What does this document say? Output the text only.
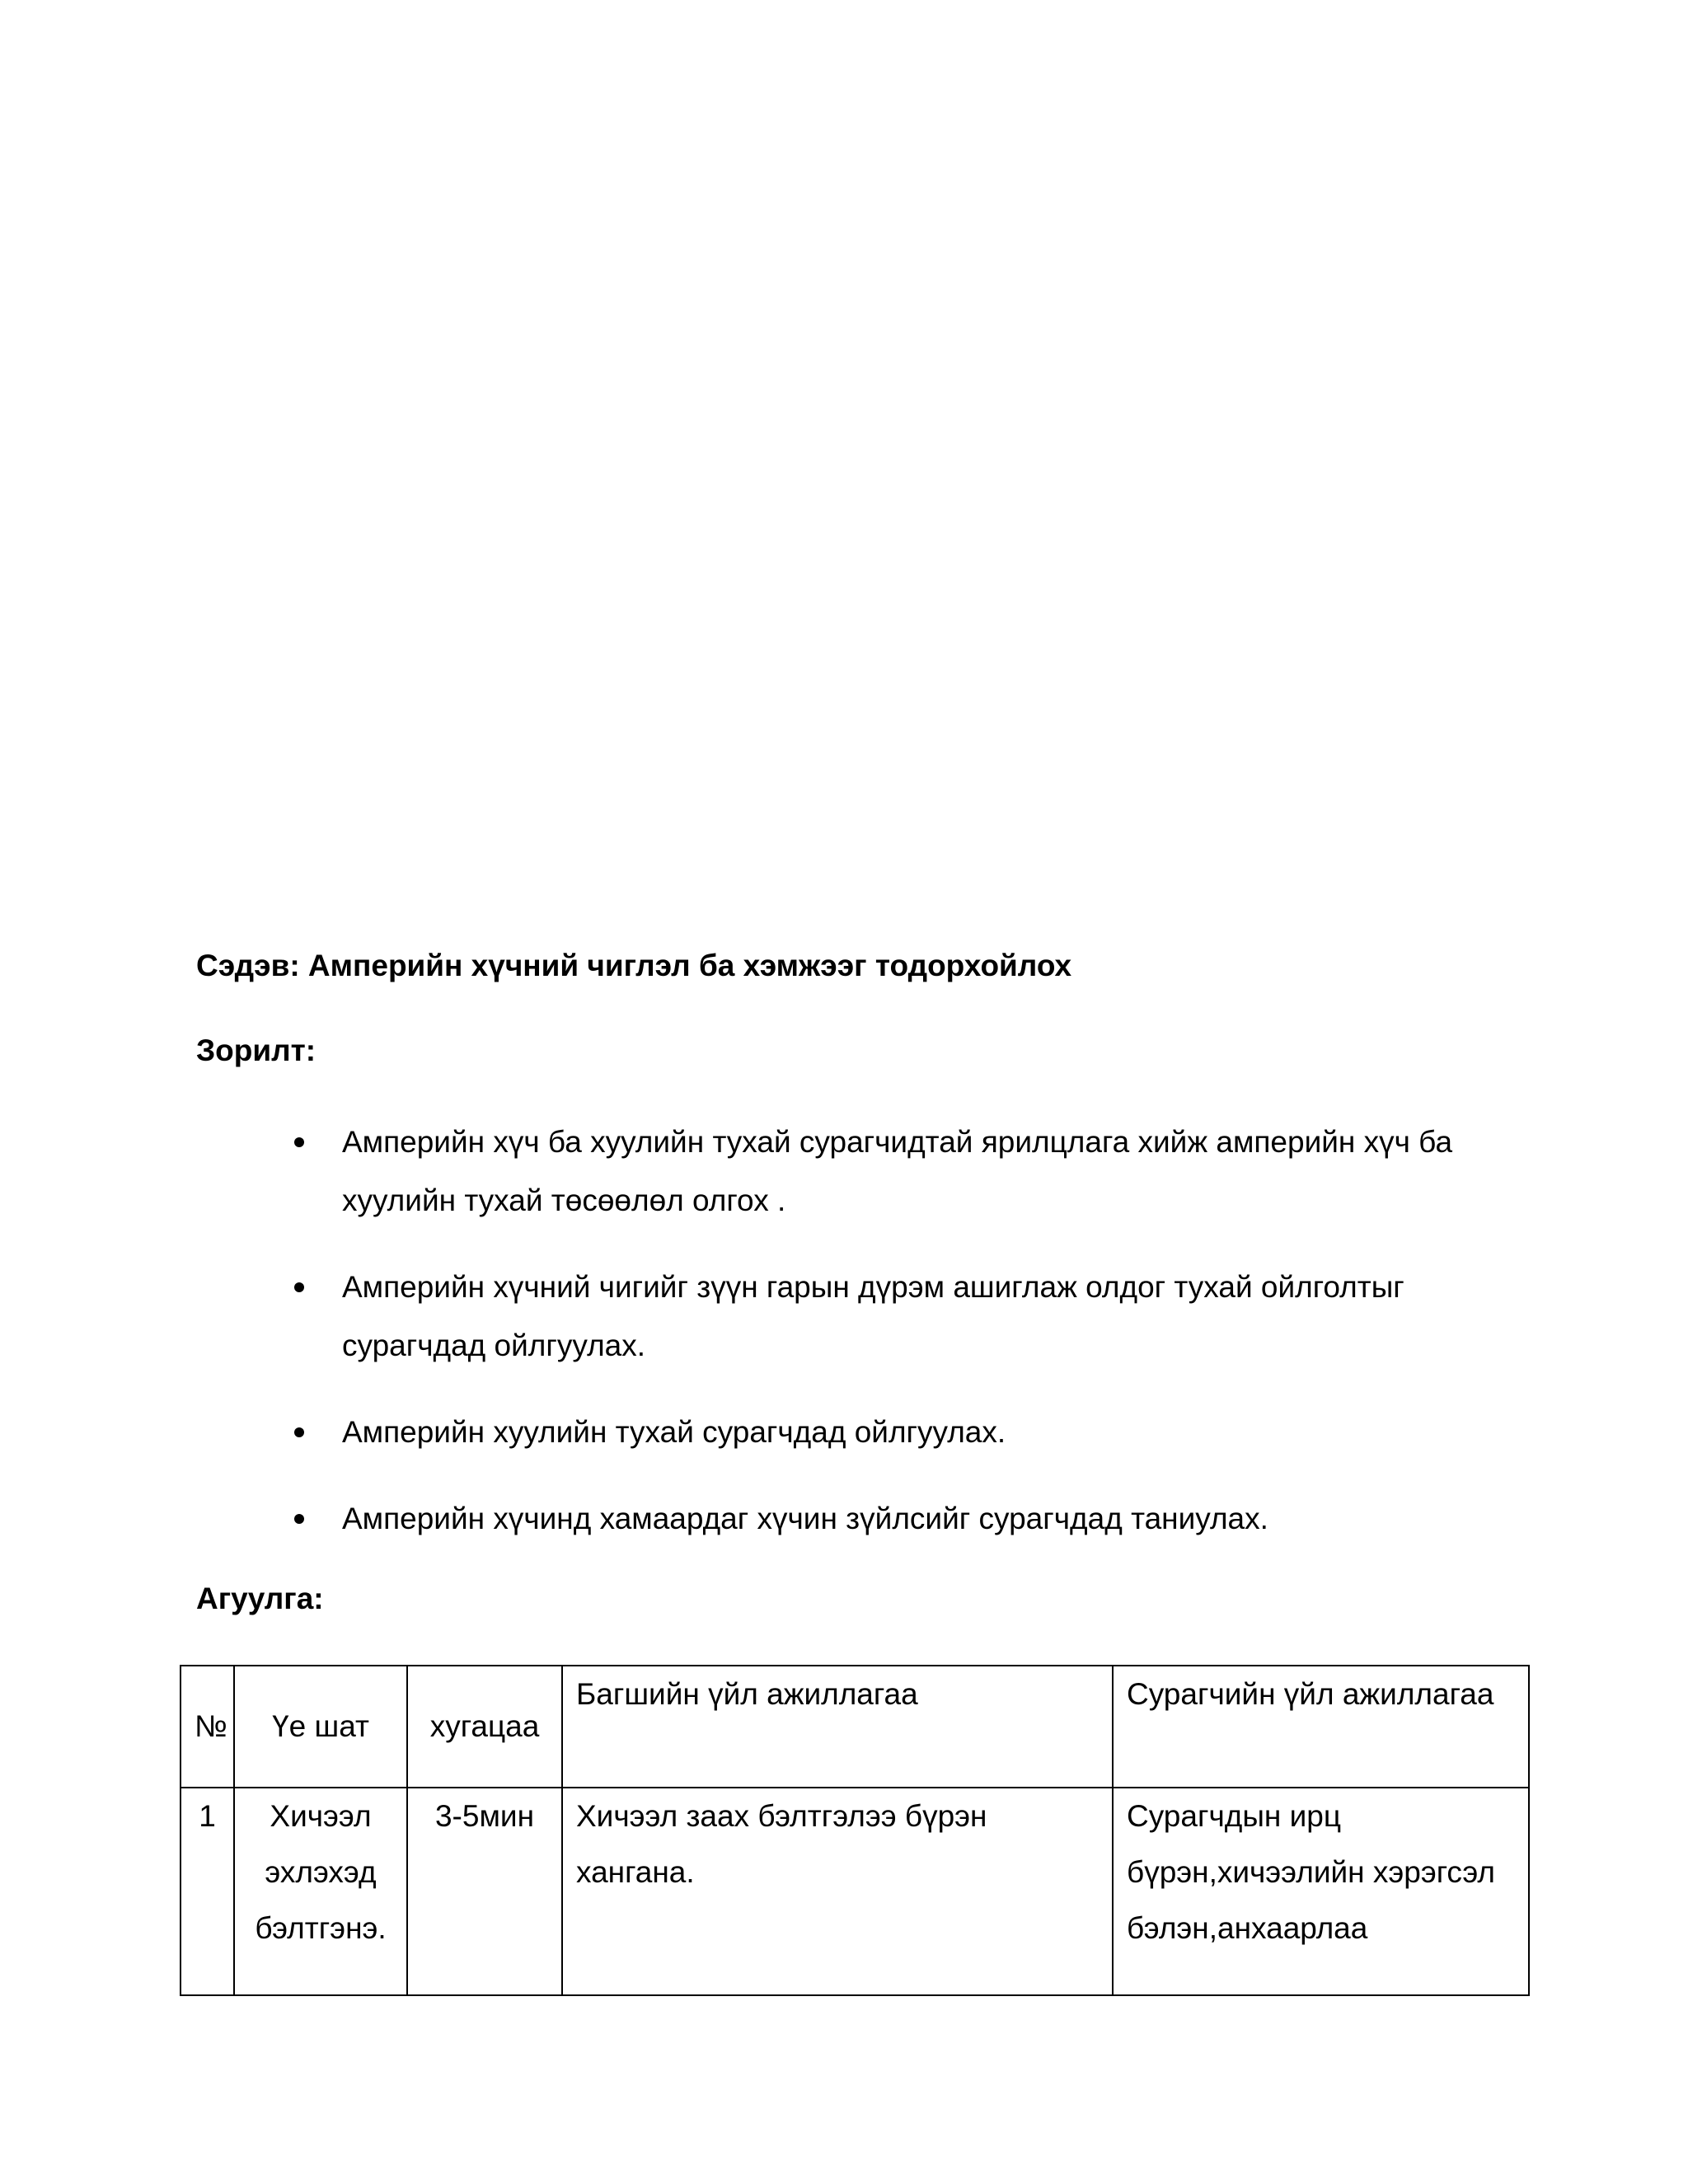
Сэдэв: Амперийн хүчний чиглэл ба хэмжээг тодорхойлох
Зорилт:
Амперийн хүч ба хуулийн тухай сурагчидтай ярилцлага хийж амперийн хүч ба хуулийн тухай төсөөлөл олгох .
Амперийн хүчний чигийг зүүн гарын дүрэм ашиглаж олдог тухай ойлголтыг сурагчдад ойлгуулах.
Амперийн хуулийн тухай сурагчдад ойлгуулах.
Амперийн хүчинд хамаардаг хүчин зүйлсийг сурагчдад таниулах.
Агуулга:
№	Үе шат	хугацаа	Багшийн үйл ажиллагаа	Сурагчийн үйл ажиллагаа
1	Хичээл эхлэхэд бэлтгэнэ.	3-5мин	Хичээл заах бэлтгэлээ бүрэн хангана.	Сурагчдын ирц бүрэн,хичээлийн хэрэгсэл бэлэн,анхаарлаа
